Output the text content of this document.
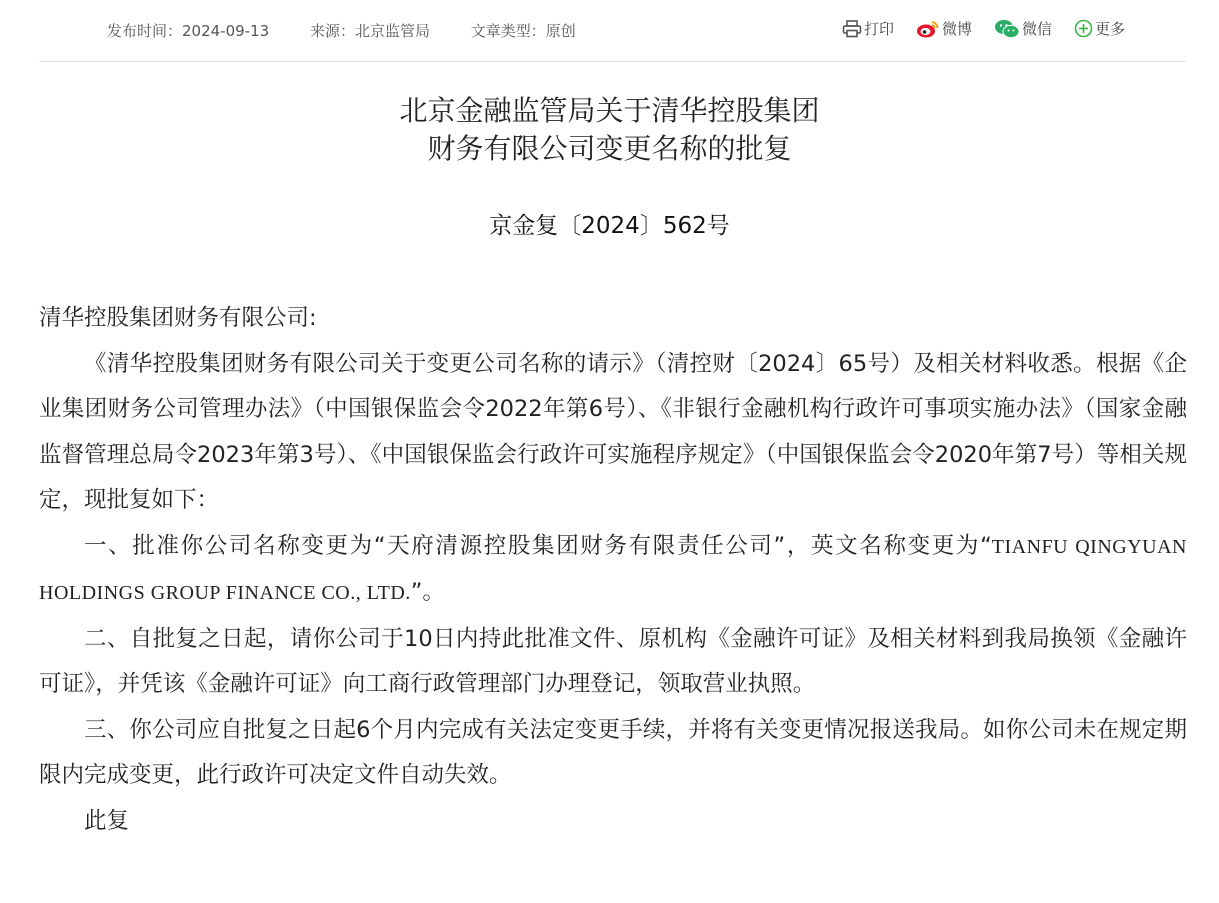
发布时间：2024-09-13	来源：北京监管局	文章类型：原创	打印	微博	微信	更多
北京金融监管局关于清华控股集团
财务有限公司变更名称的批复
京金复〔2024〕562号

清华控股集团财务有限公司:

《清华控股集团财务有限公司关于变更公司名称的请示》（清控财〔2024〕65号）及相关材料收悉。根据《企业集团财务公司管理办法》（中国银保监会令2022年第6号）、《非银行金融机构行政许可事项实施办法》（国家金融监督管理总局令2023年第3号）、《中国银保监会行政许可实施程序规定》（中国银保监会令2020年第7号）等相关规定，现批复如下：

一、批准你公司名称变更为“天府清源控股集团财务有限责任公司”，英文名称变更为“TIANFU QINGYUAN HOLDINGS GROUP FINANCE CO., LTD.”。

二、自批复之日起，请你公司于10日内持此批准文件、原机构《金融许可证》及相关材料到我局换领《金融许可证》，并凭该《金融许可证》向工商行政管理部门办理登记，领取营业执照。

三、你公司应自批复之日起6个月内完成有关法定变更手续，并将有关变更情况报送我局。如你公司未在规定期限内完成变更，此行政许可决定文件自动失效。

此复
